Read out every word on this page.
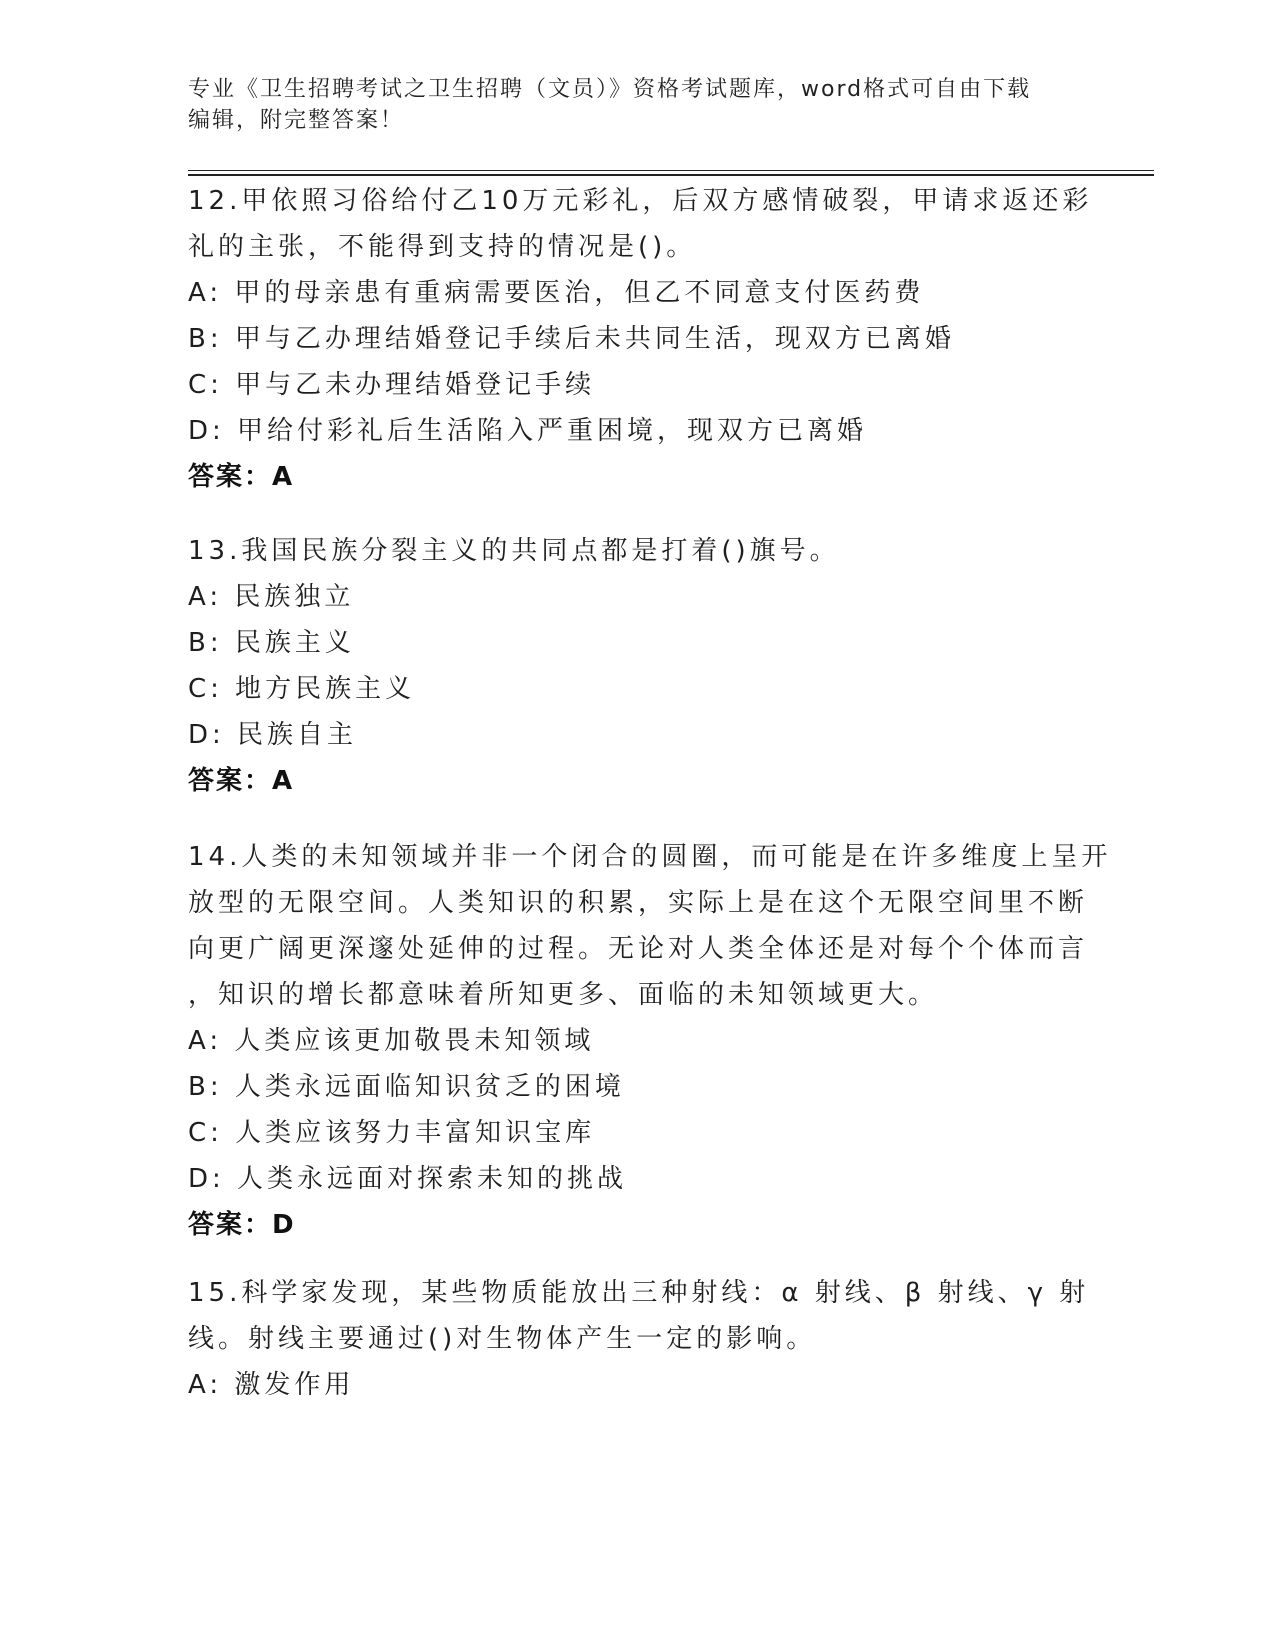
专业《卫生招聘考试之卫生招聘（文员）》资格考试题库，word格式可自由下载
编辑，附完整答案！
12.甲依照习俗给付乙10万元彩礼，后双方感情破裂，甲请求返还彩
礼的主张，不能得到支持的情况是()。
A: 甲的母亲患有重病需要医治，但乙不同意支付医药费
B: 甲与乙办理结婚登记手续后未共同生活，现双方已离婚
C: 甲与乙未办理结婚登记手续
D: 甲给付彩礼后生活陷入严重困境，现双方已离婚
答案：A
13.我国民族分裂主义的共同点都是打着()旗号。
A: 民族独立
B: 民族主义
C: 地方民族主义
D: 民族自主
答案：A
14.人类的未知领域并非一个闭合的圆圈，而可能是在许多维度上呈开
放型的无限空间。人类知识的积累，实际上是在这个无限空间里不断
向更广阔更深邃处延伸的过程。无论对人类全体还是对每个个体而言
，知识的增长都意味着所知更多、面临的未知领域更大。
A: 人类应该更加敬畏未知领域
B: 人类永远面临知识贫乏的困境
C: 人类应该努力丰富知识宝库
D: 人类永远面对探索未知的挑战
答案：D
15.科学家发现，某些物质能放出三种射线：α 射线、β 射线、γ 射
线。射线主要通过()对生物体产生一定的影响。
A: 激发作用
